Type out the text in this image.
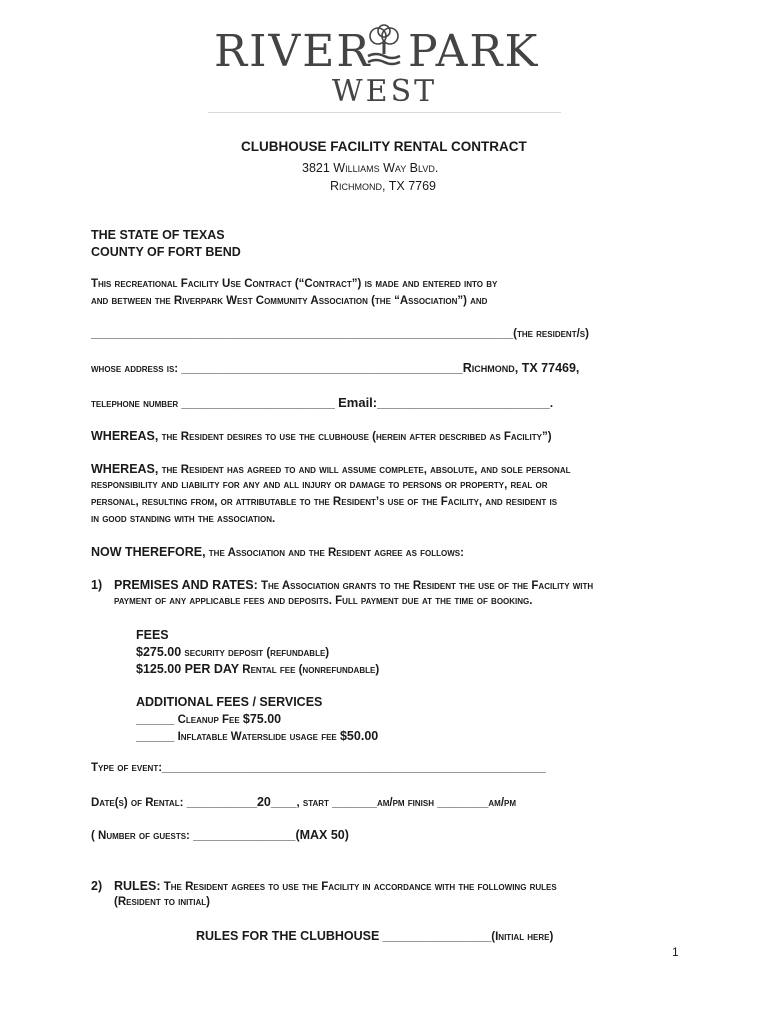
RIVER PARK
WEST
CLUBHOUSE FACILITY RENTAL CONTRACT
3821 Williams Way Blvd.
Richmond, TX 7769
THE STATE OF TEXAS
COUNTY OF FORT BEND
This recreational Facility Use Contract (“Contract”) is made and entered into by
and between the Riverpark West Community Association (the “Association”) and
__________________________________________________________________(the resident/s)
whose address is: ____________________________________________Richmond, TX 77469,
telephone number ________________________ Email:___________________________.
WHEREAS, the Resident desires to use the clubhouse (herein after described as Facility”)
WHEREAS, the Resident has agreed to and will assume complete, absolute, and sole personal
responsibility and liability for any and all injury or damage to persons or property, real or
personal, resulting from, or attributable to the Resident’s use of the Facility, and resident is
in good standing with the association.
NOW THEREFORE, the Association and the Resident agree as follows:
1) PREMISES AND RATES: The Association grants to the Resident the use of the Facility with
payment of any applicable fees and deposits. Full payment due at the time of booking.
FEES
$275.00 security deposit (refundable)
$125.00 PER DAY Rental fee (nonrefundable)
ADDITIONAL FEES / SERVICES
______ Cleanup Fee $75.00
______ Inflatable Waterslide usage fee $50.00
Type of event:____________________________________________________________
Date(s) of Rental: ___________20____, start _______am/pm finish ________am/pm
( Number of guests: ________________(MAX 50)
2) RULES: The Resident agrees to use the Facility in accordance with the following rules
(Resident to initial)
RULES FOR THE CLUBHOUSE _________________(Initial here)
1
